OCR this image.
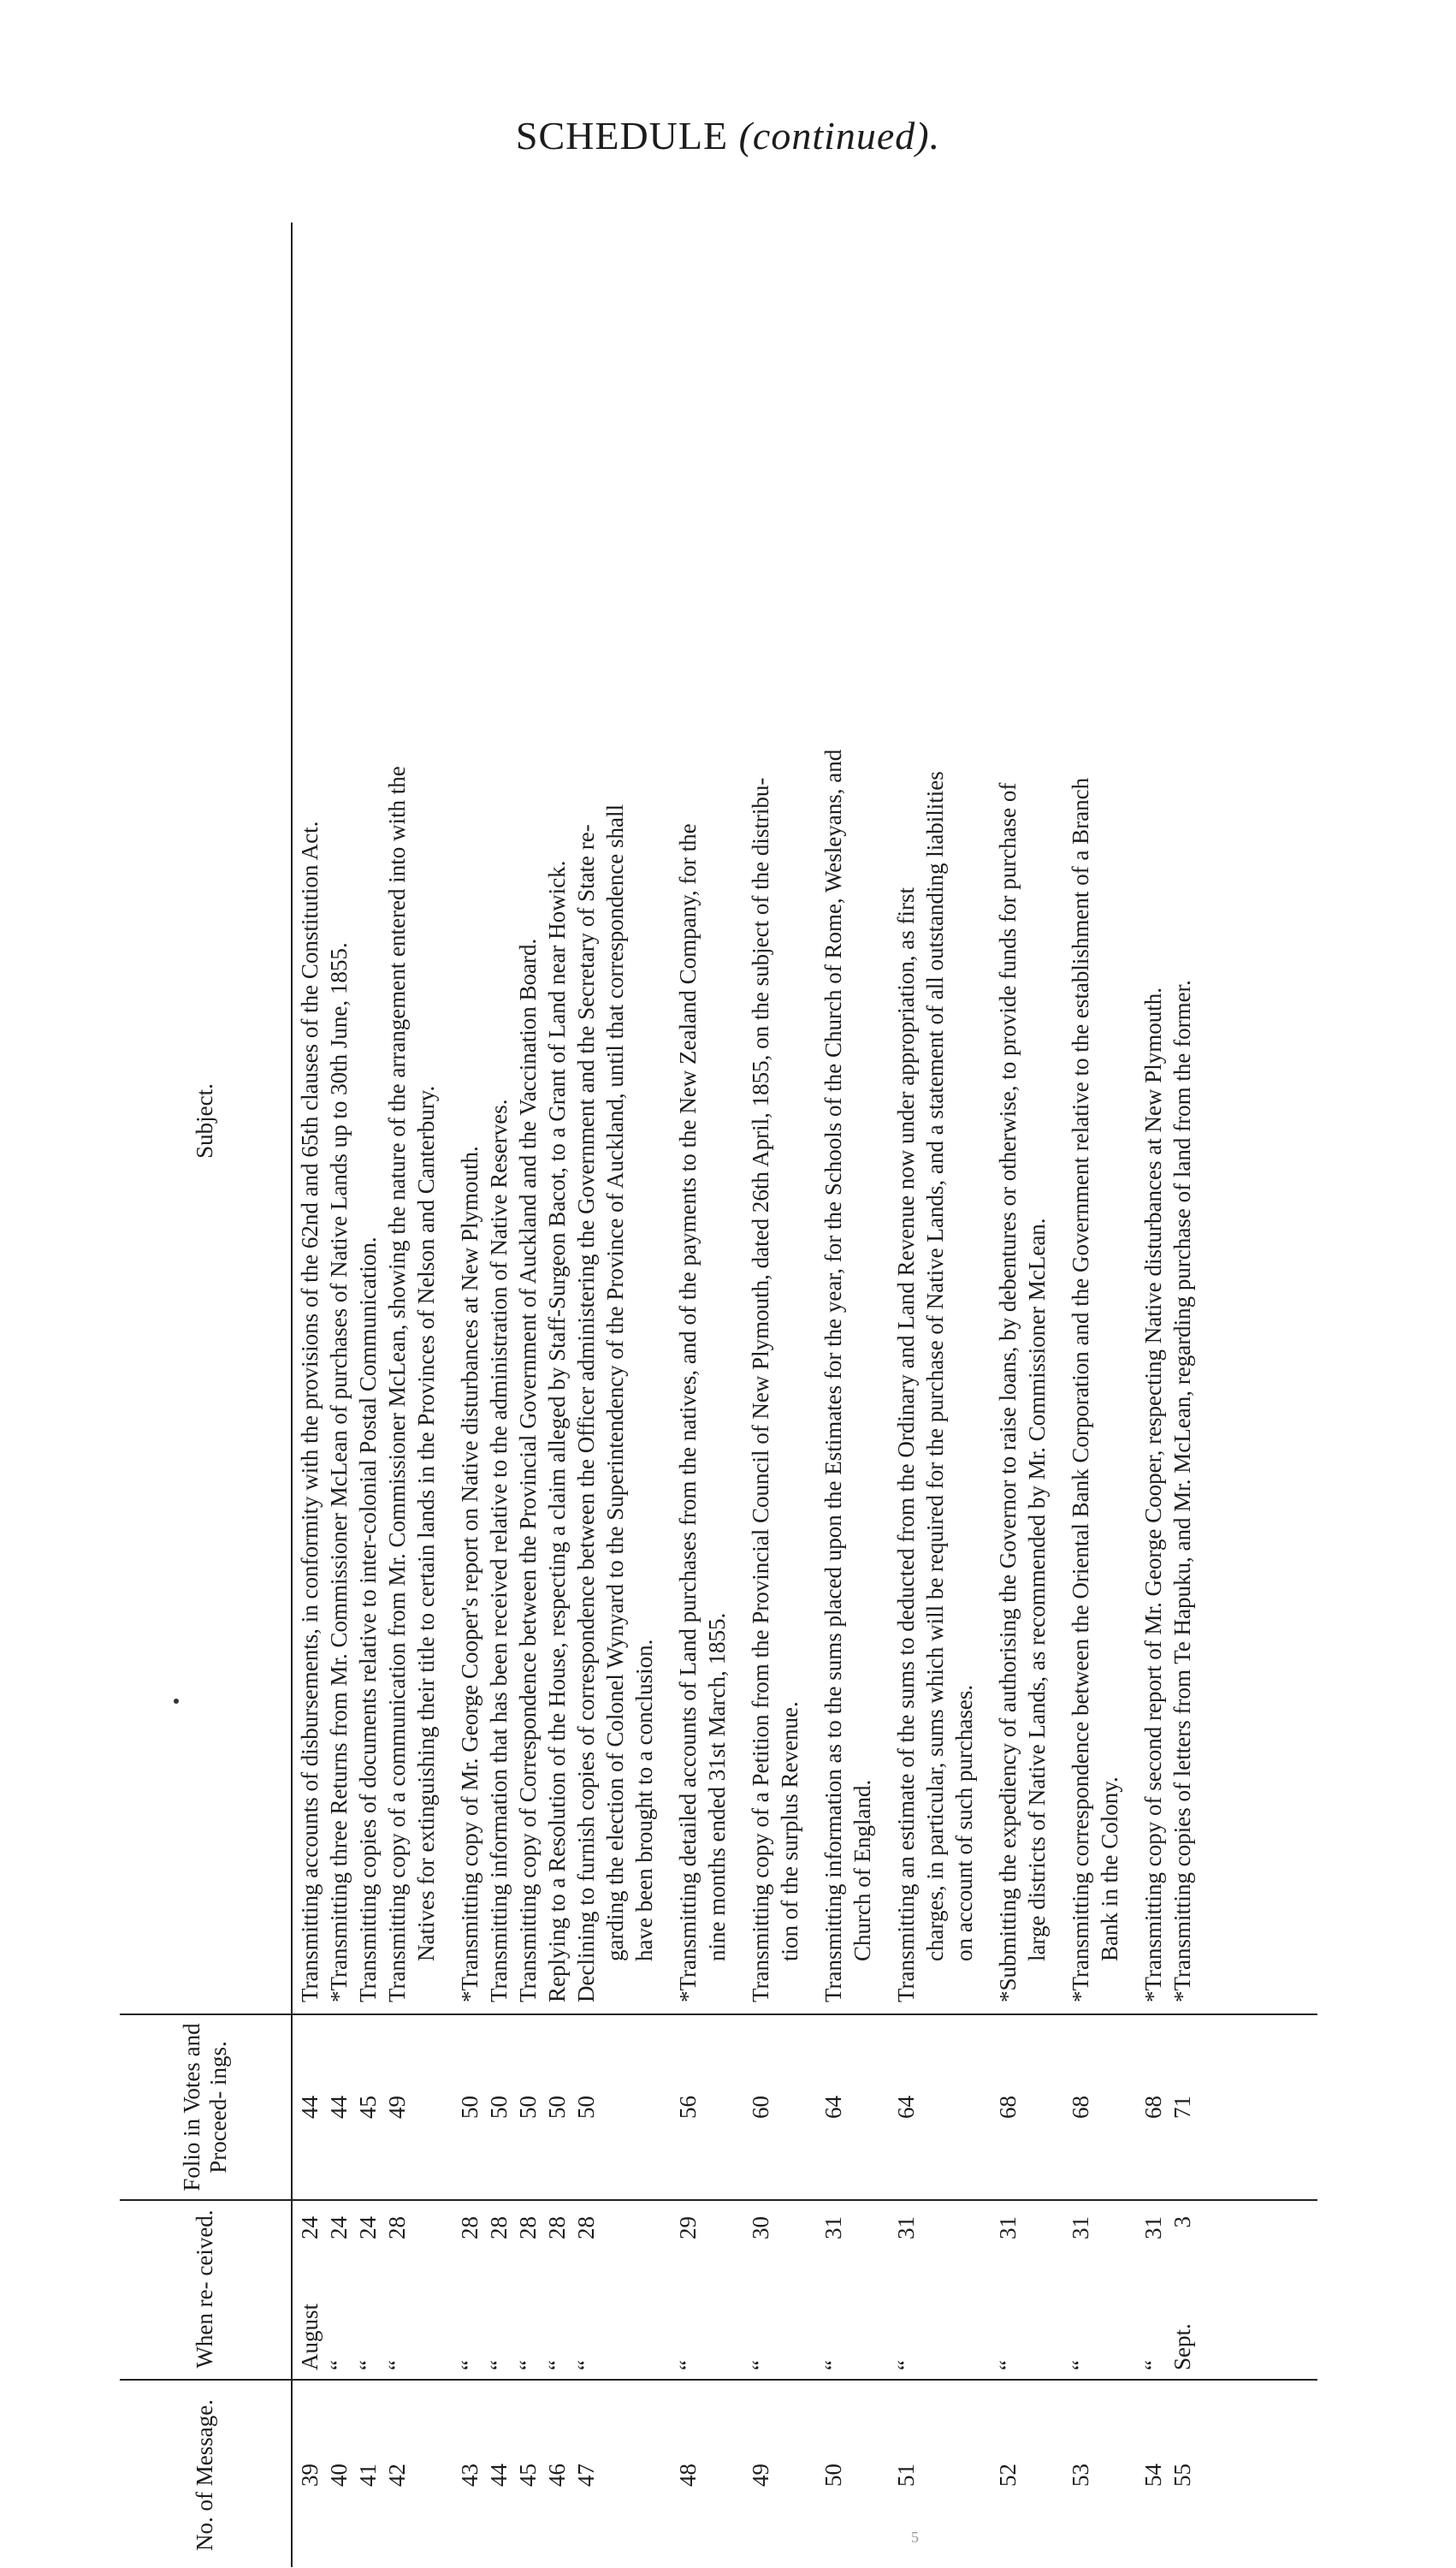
SCHEDULE (continued).
No. of Message.
When re- ceived.
Folio in Votes and Proceed- ings.
Subject.
39
August
24
44
Transmitting accounts of disbursements, in conformity with the provisions of the 62nd and 65th clauses of the Constitution Act.
40
“
24
44
*Transmitting three Returns from Mr. Commissioner McLean of purchases of Native Lands up to 30th June, 1855.
41
“
24
45
Transmitting copies of documents relative to inter-colonial Postal Communication.
42
“
28
49
Transmitting copy of a communication from Mr. Commissioner McLean, showing the nature of the arrangement entered into with the Natives for extinguishing their title to certain lands in the Provinces of Nelson and Canterbury.
43
“
28
50
*Transmitting copy of Mr. George Cooper's report on Native disturbances at New Plymouth.
44
“
28
50
Transmitting information that has been received relative to the administration of Native Reserves.
45
“
28
50
Transmitting copy of Correspondence between the Provincial Government of Auckland and the Vaccination Board.
46
“
28
50
Replying to a Resolution of the House, respecting a claim alleged by Staff-Surgeon Bacot, to a Grant of Land near Howick.
47
“
28
50
Declining to furnish copies of correspondence between the Officer administering the Government and the Secretary of State re- garding the election of Colonel Wynyard to the Superintendency of the Province of Auckland, until that correspondence shall have been brought to a conclusion.
48
“
29
56
*Transmitting detailed accounts of Land purchases from the natives, and of the payments to the New Zealand Company, for the nine months ended 31st March, 1855.
49
“
30
60
Transmitting copy of a Petition from the Provincial Council of New Plymouth, dated 26th April, 1855, on the subject of the distribu- tion of the surplus Revenue.
50
“
31
64
Transmitting information as to the sums placed upon the Estimates for the year, for the Schools of the Church of Rome, Wesleyans, and Church of England.
51
“
31
64
Transmitting an estimate of the sums to deducted from the Ordinary and Land Revenue now under appropriation, as first charges, in particular, sums which will be required for the purchase of Native Lands, and a statement of all outstanding liabilities on account of such purchases.
52
“
31
68
*Submitting the expediency of authorising the Governor to raise loans, by debentures or otherwise, to provide funds for purchase of large districts of Native Lands, as recommended by Mr. Commissioner McLean.
53
“
31
68
*Transmitting correspondence between the Oriental Bank Corporation and the Government relative to the establishment of a Branch Bank in the Colony.
54
“
31
68
*Transmitting copy of second report of Mr. George Cooper, respecting Native disturbances at New Plymouth.
55
Sept.
3
71
*Transmitting copies of letters from Te Hapuku, and Mr. McLean, regarding purchase of land from the former.
5
